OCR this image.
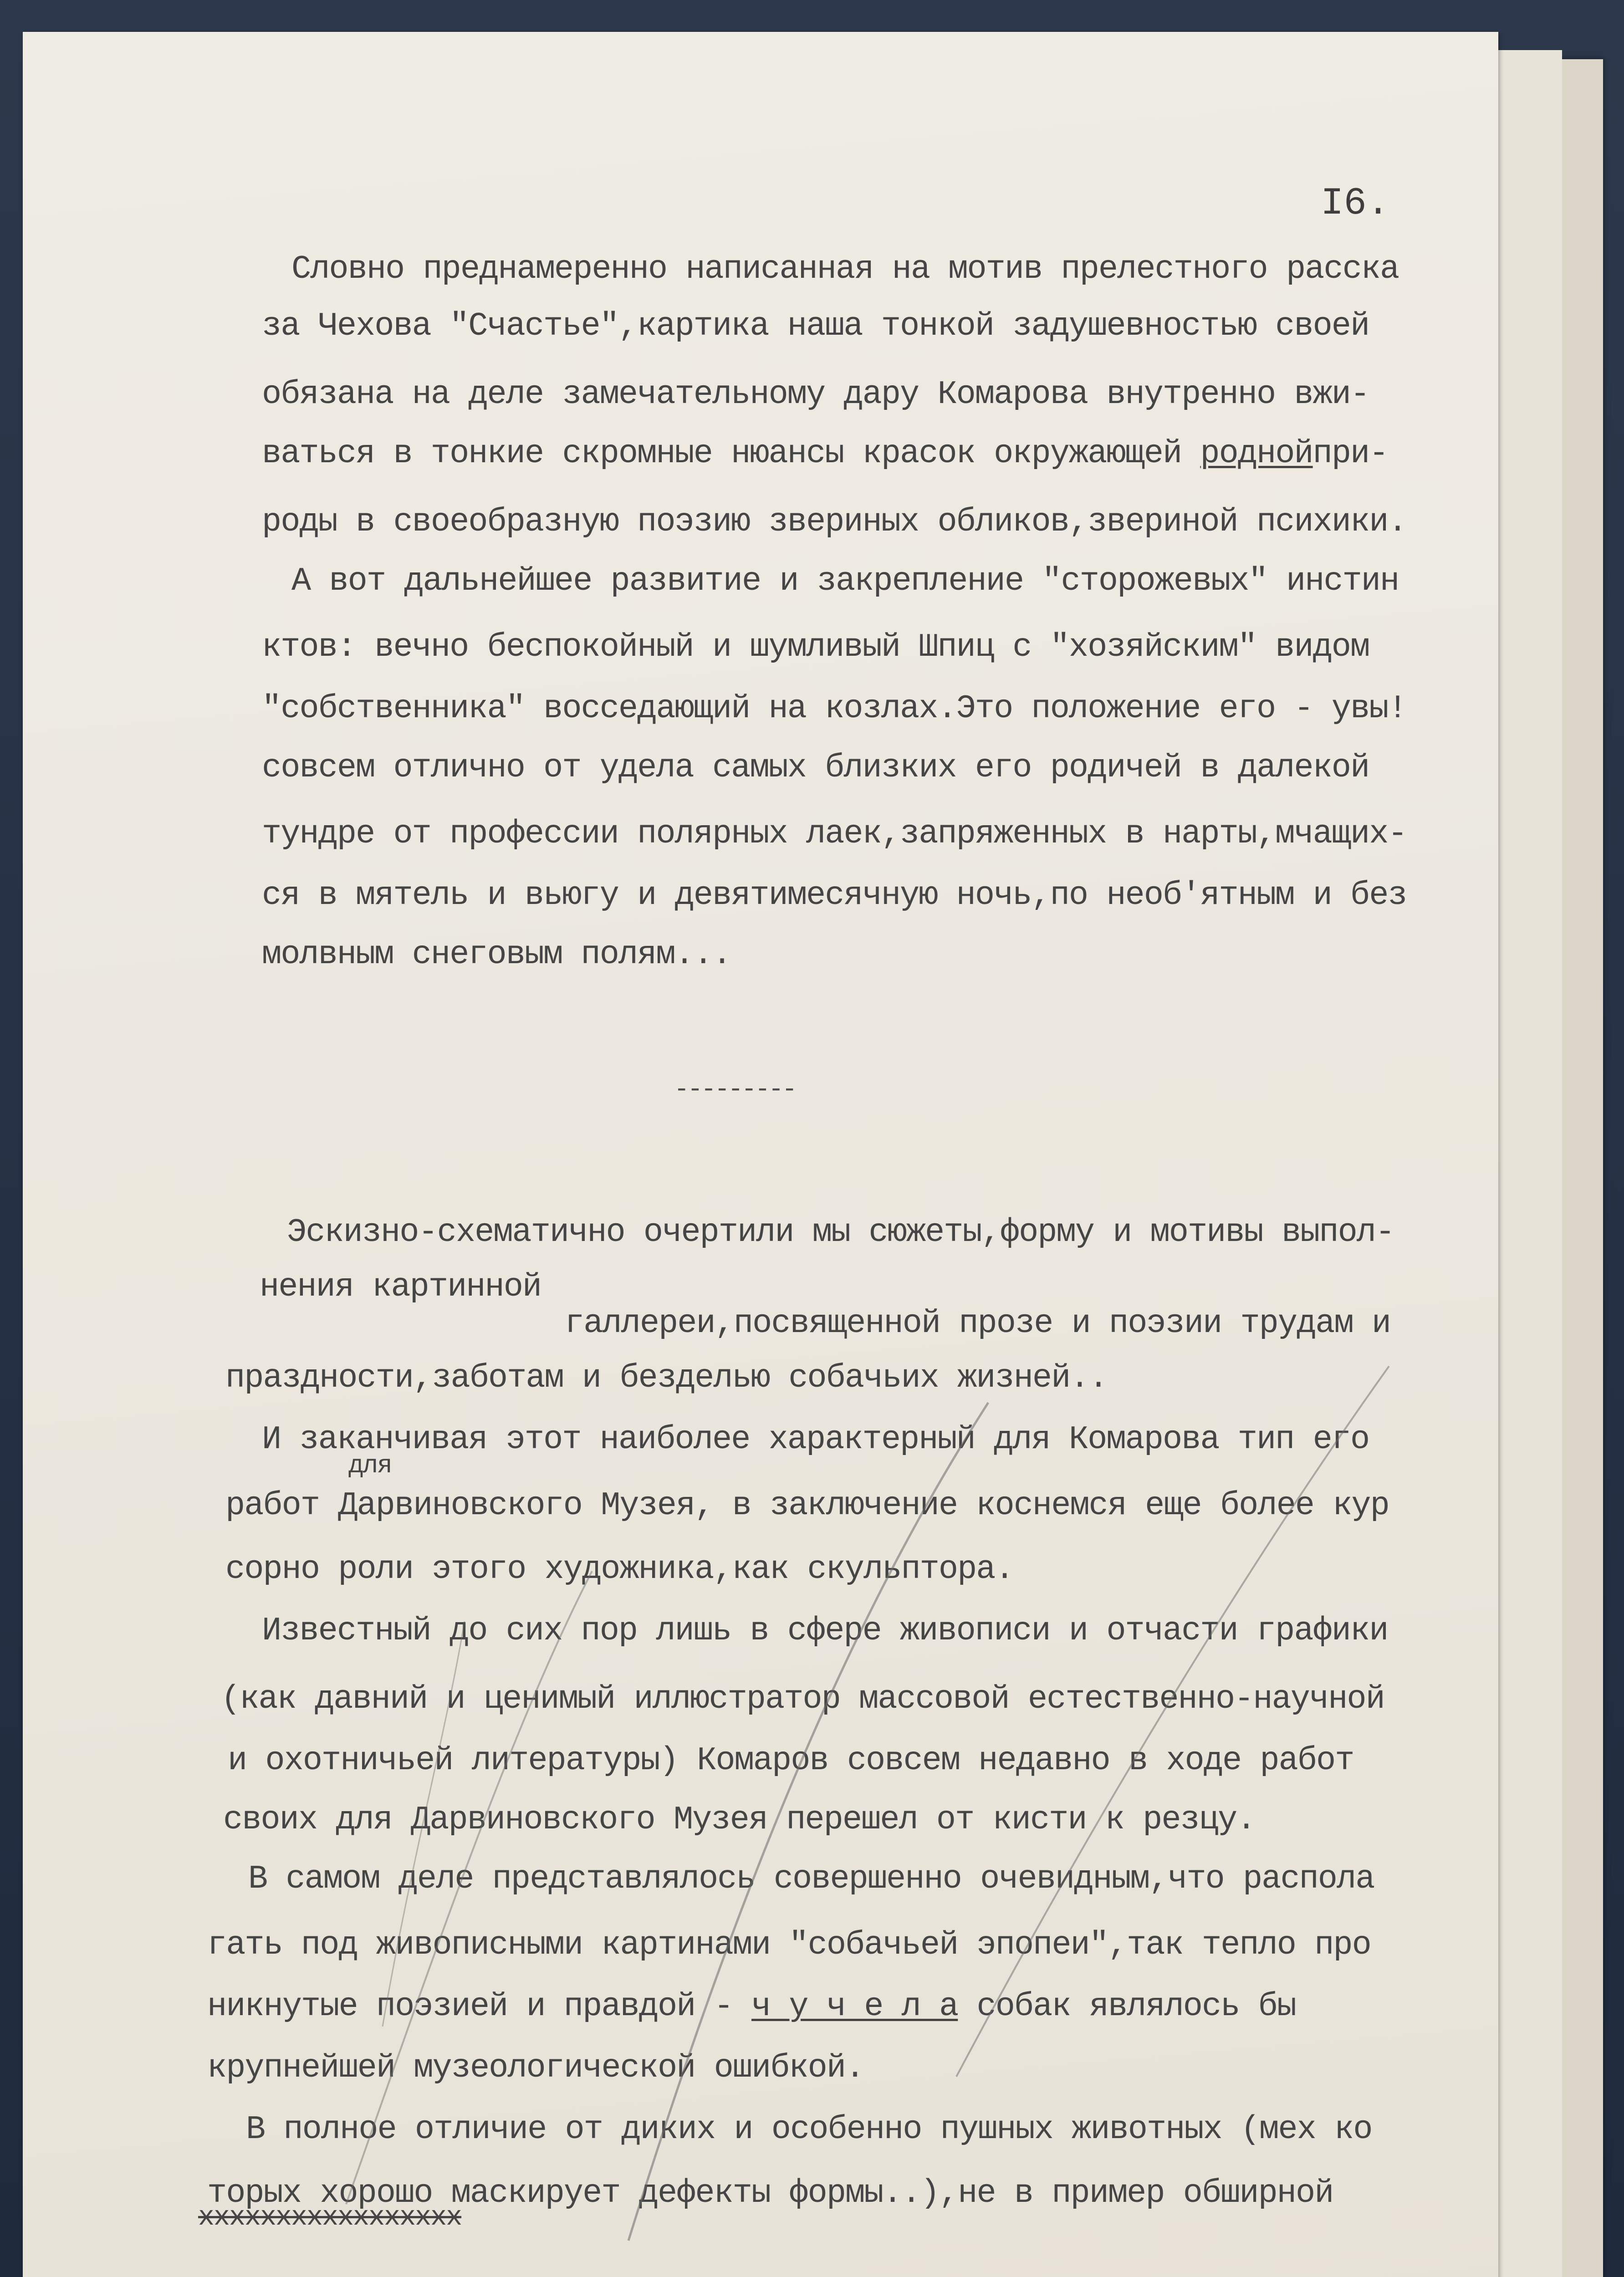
I6.
Словно преднамеренно написанная на мотив прелестного расска
за Чехова "Счастье",картика наша тонкой задушевностью своей
обязана на деле замечательному дару Комарова внутренно вжи-
ваться в тонкие скромные нюансы красок окружающей роднойпри-
роды в своеобразную поэзию звериных обликов,звериной психики.
А вот дальнейшее развитие и закрепление "сторожевых" инстин
ктов: вечно беспокойный и шумливый Шпиц с "хозяйским" видом
"собственника" восседающий на козлах.Это положение его - увы!
совсем отлично от удела самых близких его родичей в далекой
тундре от профессии полярных лаек,запряженных в нарты,мчащих-
ся в мятель и вьюгу и девятимесячную ночь,по необ'ятным и без
молвным снеговым полям...
---------
Эскизно-схематично очертили мы сюжеты,форму и мотивы выпол-
нения картинной
галлереи,посвященной прозе и поэзии трудам и
праздности,заботам и безделью собачьих жизней..
И заканчивая этот наиболее характерный для Комарова тип его
для
работ Дарвиновского Музея, в заключение коснемся еще более кур
сорно роли этого художника,как скульптора.
Известный до сих пор лишь в сфере живописи и отчасти графики
(как давний и ценимый иллюстратор массовой естественно-научной
и охотничьей литературы) Комаров совсем недавно в ходе работ
своих для Дарвиновского Музея перешел от кисти к резцу.
В самом деле представлялось совершенно очевидным,что распола
гать под живописными картинами "собачьей эпопеи",так тепло про
никнутые поэзией и правдой - ч у ч е л а собак являлось бы
крупнейшей музеологической ошибкой.
В полное отличие от диких и особенно пушных животных (мех ко
торых хорошо маскирует дефекты формы..),не в пример обширной
ххххххххххххххххх
